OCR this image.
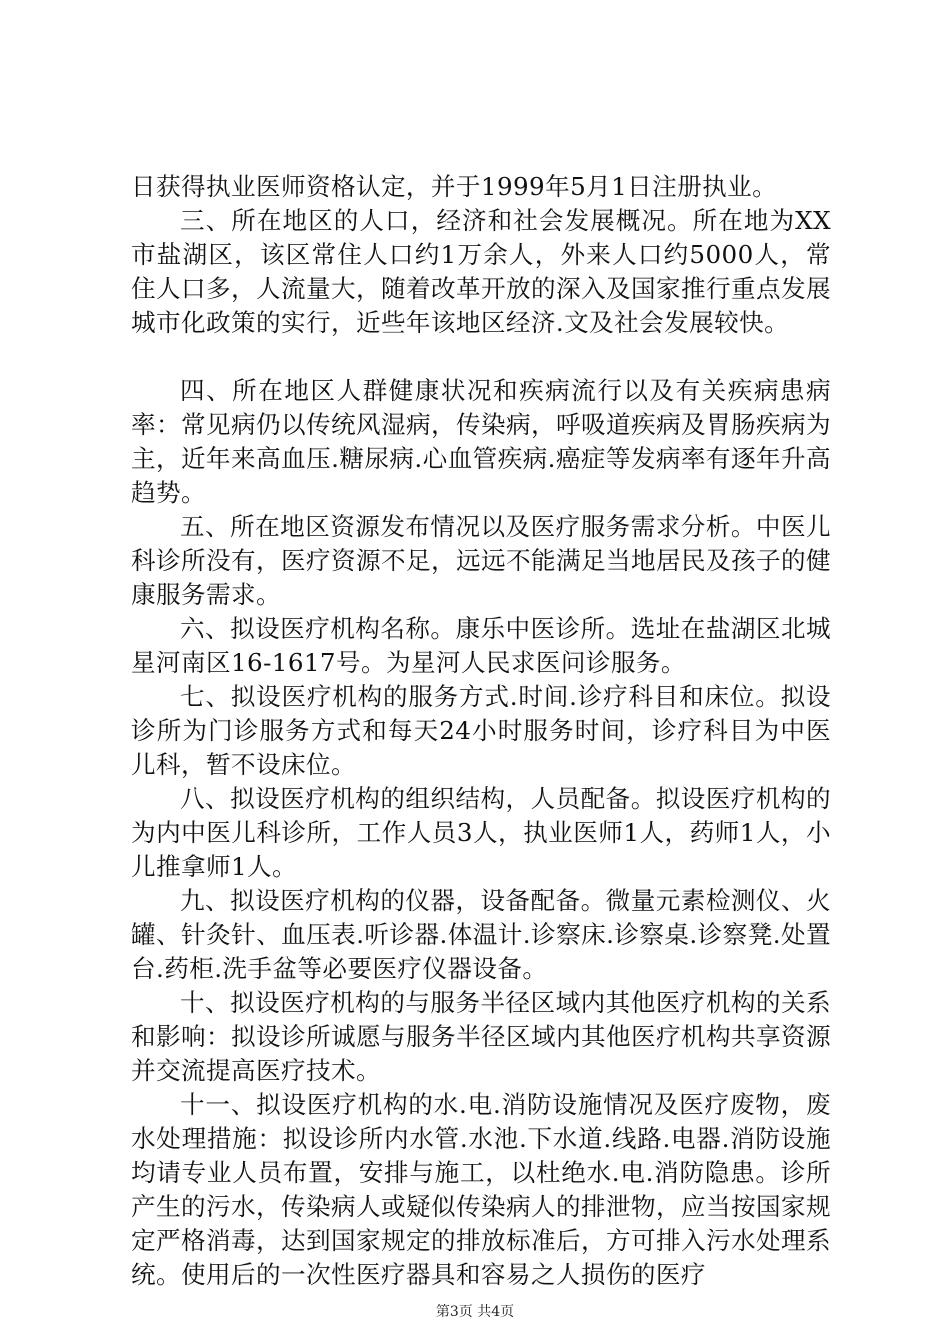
日获得执业医师资格认定，并于1999年5月1日注册执业。

三、所在地区的人口，经济和社会发展概况。所在地为XX市盐湖区，该区常住人口约1万余人，外来人口约5000人，常住人口多，人流量大，随着改革开放的深入及国家推行重点发展城市化政策的实行，近些年该地区经济.文及社会发展较快。

四、所在地区人群健康状况和疾病流行以及有关疾病患病率：常见病仍以传统风湿病，传染病，呼吸道疾病及胃肠疾病为主，近年来高血压.糖尿病.心血管疾病.癌症等发病率有逐年升高趋势。

五、所在地区资源发布情况以及医疗服务需求分析。中医儿科诊所没有，医疗资源不足，远远不能满足当地居民及孩子的健康服务需求。

六、拟设医疗机构名称。康乐中医诊所。选址在盐湖区北城星河南区16-1617号。为星河人民求医问诊服务。

七、拟设医疗机构的服务方式.时间.诊疗科目和床位。拟设诊所为门诊服务方式和每天24小时服务时间，诊疗科目为中医儿科，暂不设床位。

八、拟设医疗机构的组织结构，人员配备。拟设医疗机构的为内中医儿科诊所，工作人员3人，执业医师1人，药师1人，小儿推拿师1人。

九、拟设医疗机构的仪器，设备配备。微量元素检测仪、火罐、针灸针、血压表.听诊器.体温计.诊察床.诊察桌.诊察凳.处置台.药柜.洗手盆等必要医疗仪器设备。

十、拟设医疗机构的与服务半径区域内其他医疗机构的关系和影响：拟设诊所诚愿与服务半径区域内其他医疗机构共享资源并交流提高医疗技术。

十一、拟设医疗机构的水.电.消防设施情况及医疗废物，废水处理措施：拟设诊所内水管.水池.下水道.线路.电器.消防设施均请专业人员布置，安排与施工，以杜绝水.电.消防隐患。诊所产生的污水，传染病人或疑似传染病人的排泄物，应当按国家规定严格消毒，达到国家规定的排放标准后，方可排入污水处理系统。使用后的一次性医疗器具和容易之人损伤的医疗

第3页 共4页
